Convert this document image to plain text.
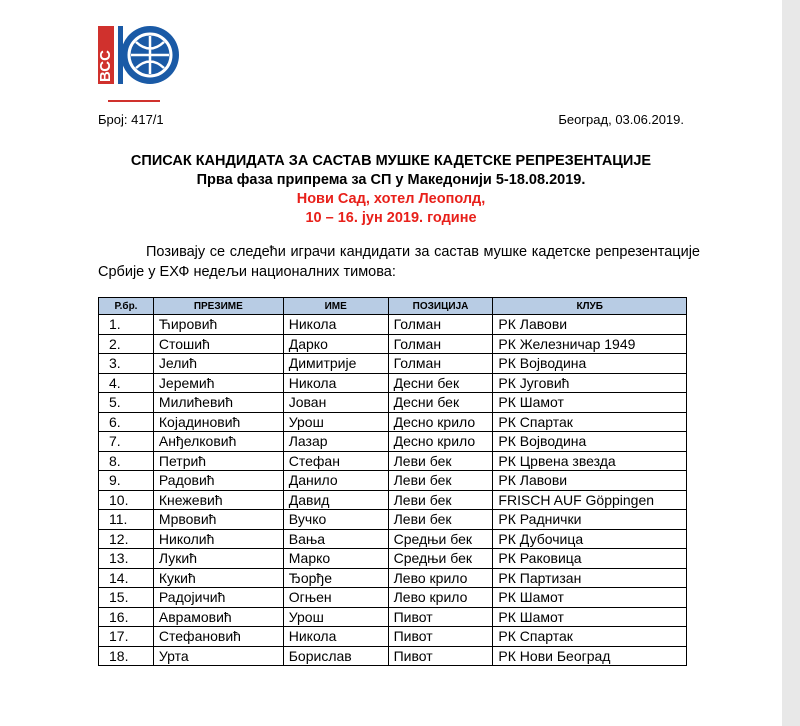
ВСС
Број: 417/1	Београд, 03.06.2019.
СПИСАК КАНДИДАТА ЗА САСТАВ МУШКЕ КАДЕТСКЕ РЕПРЕЗЕНТАЦИЈЕ
Прва фаза припрема за СП у Македонији 5-18.08.2019.
Нови Сад, хотел Леополд,
10 – 16. јун 2019. године
Позивају се следећи играчи кандидати за састав мушке кадетске репрезентације Србије у ЕХФ недељи националних тимова:
Р.бр.	ПРЕЗИМЕ	ИМЕ	ПОЗИЦИЈА	КЛУБ
1.	Ћировић	Никола	Голман	РК Лавови
2.	Стошић	Дарко	Голман	РК Железничар 1949
3.	Јелић	Димитрије	Голман	РК Војводина
4.	Јеремић	Никола	Десни бек	РК Југовић
5.	Милићевић	Јован	Десни бек	РК Шамот
6.	Којадиновић	Урош	Десно крило	РК Спартак
7.	Анђелковић	Лазар	Десно крило	РК Војводина
8.	Петрић	Стефан	Леви бек	РК Црвена звезда
9.	Радовић	Данило	Леви бек	РК Лавови
10.	Кнежевић	Давид	Леви бек	FRISCH AUF Göppingen
11.	Мрвовић	Вучко	Леви бек	РК Раднички
12.	Николић	Вања	Средњи бек	РК Дубочица
13.	Лукић	Марко	Средњи бек	РК Раковица
14.	Кукић	Ђорђе	Лево крило	РК Партизан
15.	Радојичић	Огњен	Лево крило	РК Шамот
16.	Аврамовић	Урош	Пивот	РК Шамот
17.	Стефановић	Никола	Пивот	РК Спартак
18.	Урта	Борислав	Пивот	РК Нови Београд
